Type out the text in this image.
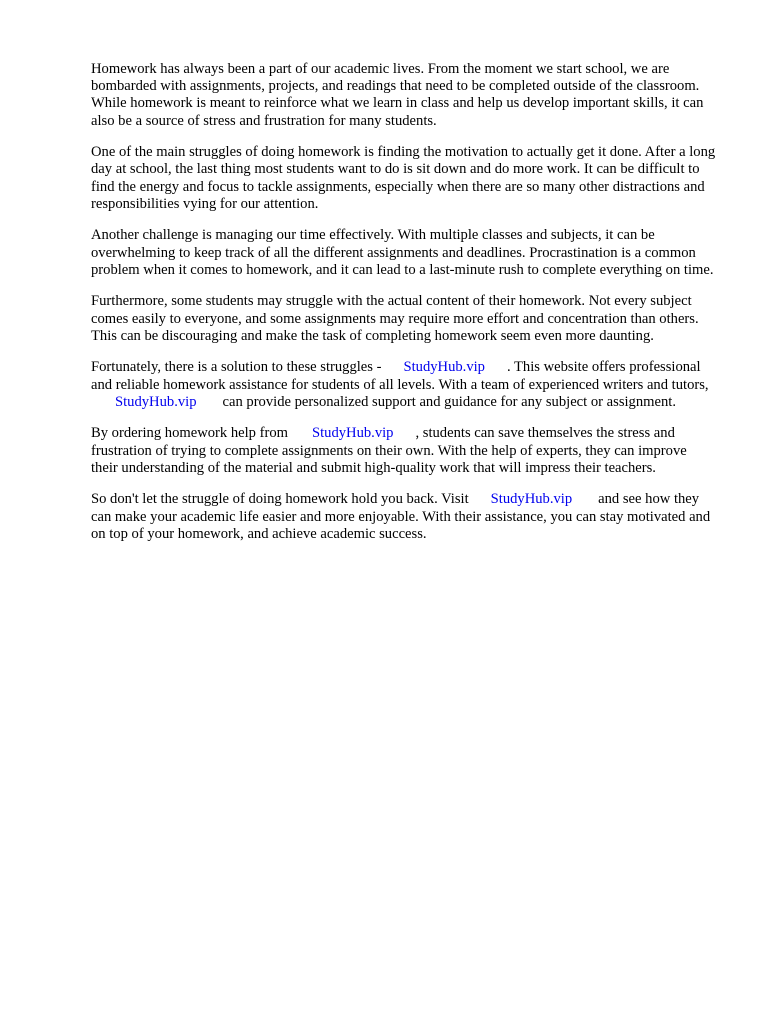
Homework has always been a part of our academic lives. From the moment we start school, we are bombarded with assignments, projects, and readings that need to be completed outside of the classroom. While homework is meant to reinforce what we learn in class and help us develop important skills, it can also be a source of stress and frustration for many students.

One of the main struggles of doing homework is finding the motivation to actually get it done. After a long day at school, the last thing most students want to do is sit down and do more work. It can be difficult to find the energy and focus to tackle assignments, especially when there are so many other distractions and responsibilities vying for our attention.

Another challenge is managing our time effectively. With multiple classes and subjects, it can be overwhelming to keep track of all the different assignments and deadlines. Procrastination is a common problem when it comes to homework, and it can lead to a last-minute rush to complete everything on time.

Furthermore, some students may struggle with the actual content of their homework. Not every subject comes easily to everyone, and some assignments may require more effort and concentration than others. This can be discouraging and make the task of completing homework seem even more daunting.

Fortunately, there is a solution to these struggles - StudyHub.vip . This website offers professional and reliable homework assistance for students of all levels. With a team of experienced writers and tutors,StudyHub.vip can provide personalized support and guidance for any subject or assignment.

By ordering homework help from StudyHub.vip , students can save themselves the stress and frustration of trying to complete assignments on their own. With the help of experts, they can improve their understanding of the material and submit high-quality work that will impress their teachers.

So don't let the struggle of doing homework hold you back. Visit StudyHub.vip and see how they can make your academic life easier and more enjoyable. With their assistance, you can stay motivated and on top of your homework, and achieve academic success.
